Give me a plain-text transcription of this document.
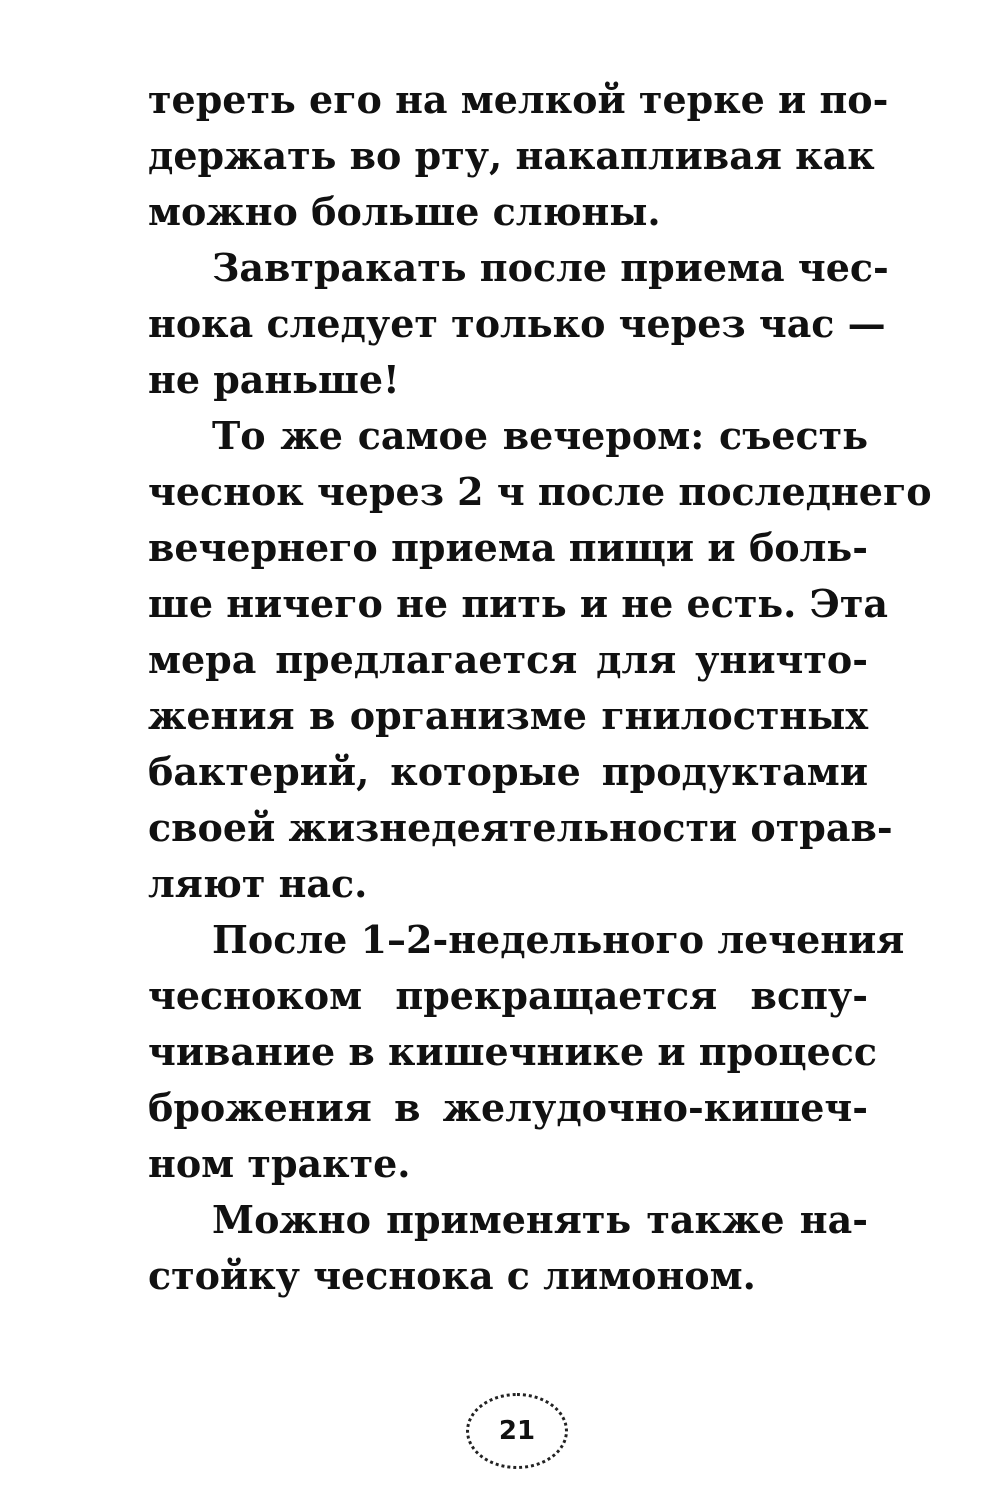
тереть его на мелкой терке и по-
держать во рту, накапливая как
можно больше слюны.
Завтракать после приема чес-
нока следует только через час —
не раньше!
То же самое вечером: съесть
чеснок через 2 ч после последнего
вечернего приема пищи и боль-
ше ничего не пить и не есть. Эта
мера предлагается для уничто-
жения в организме гнилостных
бактерий, которые продуктами
своей жизнедеятельности отрав-
ляют нас.
После 1–2-недельного лечения
чесноком прекращается вспу-
чивание в кишечнике и процесс
брожения в желудочно-кишеч-
ном тракте.
Можно применять также на-
стойку чеснока с лимоном.
21
